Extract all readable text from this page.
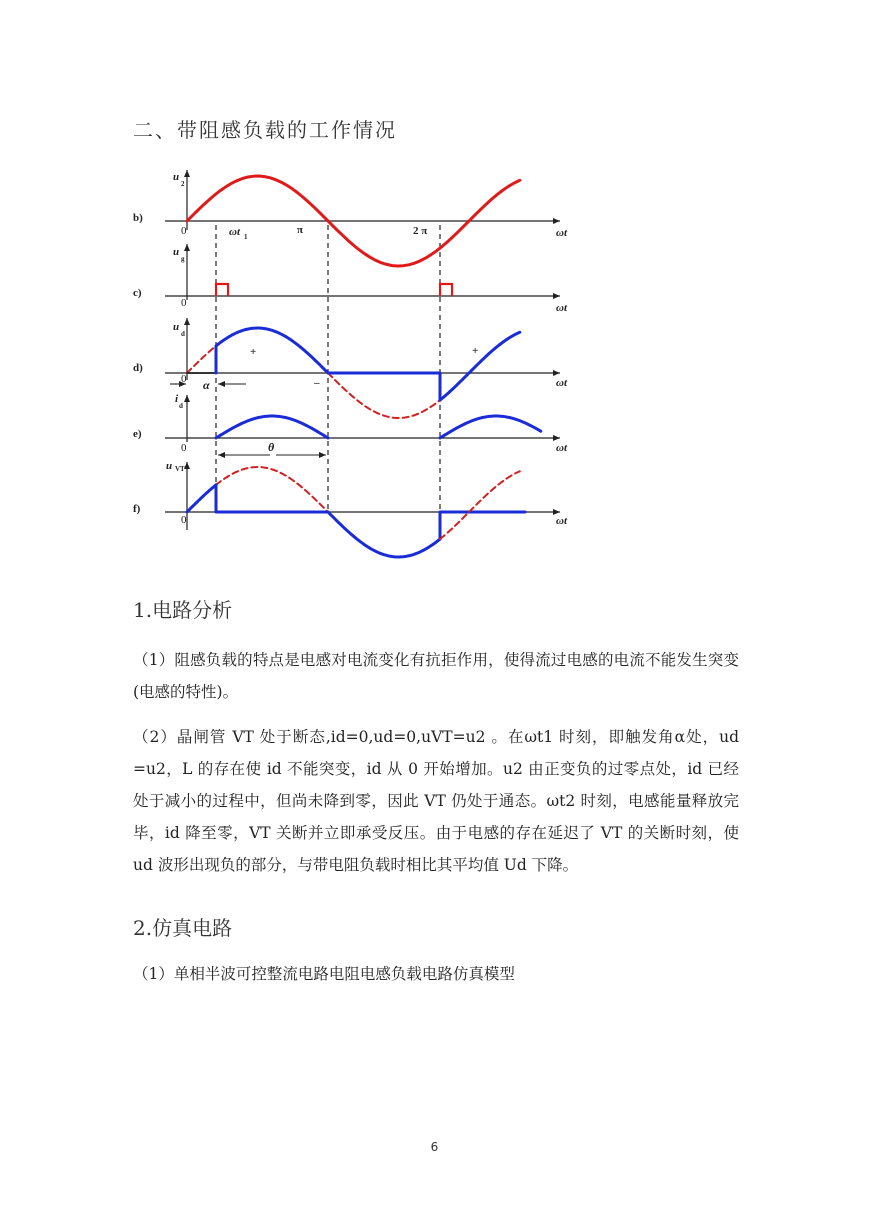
二、带阻感负载的工作情况
b)
u
2
0	ωt
ωt 1
π	2 π
c)
u
g
0	ωt
d)
u
d
0	ωt
+	+
–
α
e)
i
d
0	ωt
θ
f)
u VT
0	ωt
1.电路分析
（1）阻感负载的特点是电感对电流变化有抗拒作用，使得流过电感的电流不能发生突变(电感的特性)。
（2）晶闸管 VT 处于断态,id=0,ud=0,uVT=u2 。在ωt1 时刻，即触发角α处，ud =u2，L 的存在使 id 不能突变，id 从 0 开始增加。u2 由正变负的过零点处，id 已经处于减小的过程中，但尚未降到零，因此 VT 仍处于通态。ωt2 时刻，电感能量释放完毕，id 降至零，VT 关断并立即承受反压。由于电感的存在延迟了 VT 的关断时刻，使 ud 波形出现负的部分，与带电阻负载时相比其平均值 Ud 下降。
2.仿真电路
（1）单相半波可控整流电路电阻电感负载电路仿真模型
6
